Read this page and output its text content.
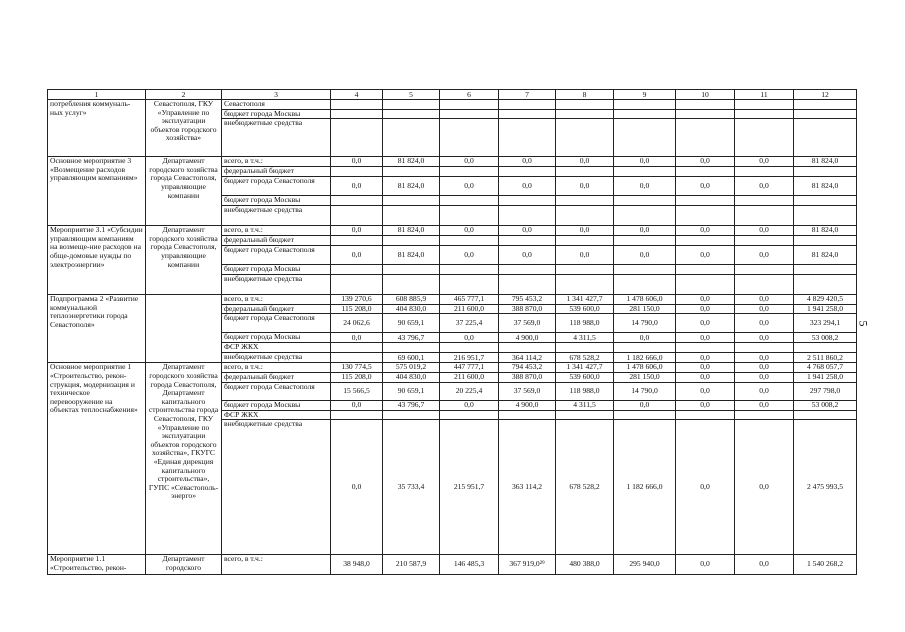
5
1	2	3	4	5	6	7	8	9	10	11	12
потребления коммуналь-ных услуг»	Севастополя, ГКУ «Управление по эксплуатации объектов городского хозяйства»	Севастополя									
		бюджет города Москвы									
		внебюджетные средства									
Основное мероприятие 3 «Возмещение расходов управляющим компаниям»	Департамент городского хозяйства города Севастополя, управляющие компании	всего, в т.ч.:	0,0	81 824,0	0,0	0,0	0,0	0,0	0,0	0,0	81 824,0
		федеральный бюджет									
		бюджет города Севастополя	0,0	81 824,0	0,0	0,0	0,0	0,0	0,0	0,0	81 824,0
		бюджет города Москвы									
		внебюджетные средства									
Мероприятие 3.1 «Субсидии управляющим компаниям на возмеще-ние расходов на обще-домовые нужды по электроэнергии»	Департамент городского хозяйства города Севастополя, управляющие компании	всего, в т.ч.:	0,0	81 824,0	0,0	0,0	0,0	0,0	0,0	0,0	81 824,0
		федеральный бюджет									
		бюджет города Севастополя	0,0	81 824,0	0,0	0,0	0,0	0,0	0,0	0,0	81 824,0
		бюджет города Москвы									
		внебюджетные средства									
Подпрограмма 2 «Развитие коммунальной теплоэнергетики города Севастополя»		всего, в т.ч.:	139 270,6	608 885,9	465 777,1	795 453,2	1 341 427,7	1 478 606,0	0,0	0,0	4 829 420,5
		федеральный бюджет	115 208,0	404 830,0	211 600,0	388 870,0	539 600,0	281 150,0	0,0	0,0	1 941 258,0
		бюджет города Севастополя	24 062,6	90 659,1	37 225,4	37 569,0	118 988,0	14 790,0	0,0	0,0	323 294,1
		бюджет города Москвы	0,0	43 796,7	0,0	4 900,0	4 311,5	0,0	0,0	0,0	53 008,2
		ФСР ЖКХ									
		внебюджетные средства		69 600,1	216 951,7	364 114,2	678 528,2	1 182 666,0	0,0	0,0	2 511 860,2
Основное мероприятие 1 «Строительство, рекон-струкция, модернизация и техническое перевооружение на объектах теплоснабжения»	Департамент городского хозяйства города Севастополя, Департамент капитального строительства города Севастополя, ГКУ «Управление по эксплуатации объектов городского хозяйства», ГКУГС «Единая дирекция капитального строительства», ГУПС «Севастополь-энерго»	всего, в т.ч.:	130 774,5	575 019,2	447 777,1	794 453,2	1 341 427,7	1 478 606,0	0,0	0,0	4 768 057,7
		федеральный бюджет	115 208,0	404 830,0	211 600,0	388 870,0	539 600,0	281 150,0	0,0	0,0	1 941 258,0
		бюджет города Севастополя	15 566,5	90 659,1	20 225,4	37 569,0	118 988,0	14 790,0	0,0	0,0	297 798,0
		бюджет города Москвы	0,0	43 796,7	0,0	4 900,0	4 311,5	0,0	0,0	0,0	53 008,2
		ФСР ЖКХ									
		внебюджетные средства	0,0	35 733,4	215 951,7	363 114,2	678 528,2	1 182 666,0	0,0	0,0	2 475 993,5
Мероприятие 1.1 «Строительство, рекон-	Департамент городского	всего, в т.ч.:	38 948,0	210 587,9	146 485,3	367 919,0²⁹	480 388,0	295 940,0	0,0	0,0	1 540 268,2
